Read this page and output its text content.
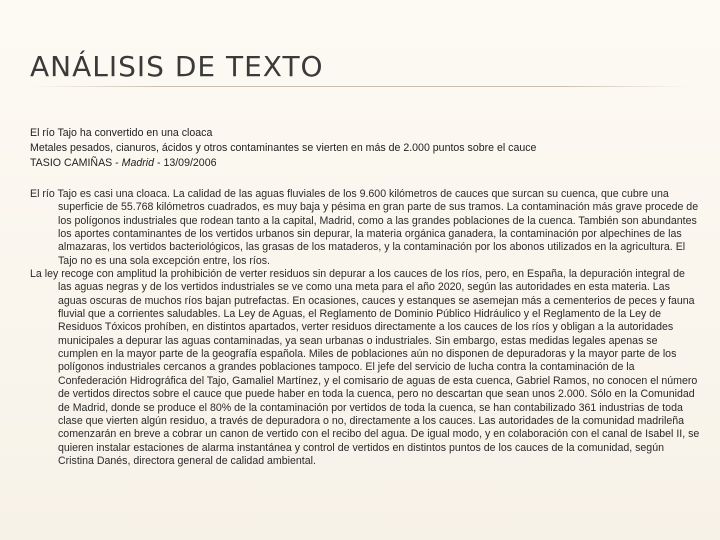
ANÁLISIS DE TEXTO
El río Tajo ha convertido en una cloaca
Metales pesados, cianuros, ácidos y otros contaminantes se vierten en más de 2.000 puntos sobre el cauce
TASIO CAMIÑAS - Madrid - 13/09/2006

El río Tajo es casi una cloaca. La calidad de las aguas fluviales de los 9.600 kilómetros de cauces que surcan su cuenca, que cubre una superficie de 55.768 kilómetros cuadrados, es muy baja y pésima en gran parte de sus tramos. La contaminación más grave procede de los polígonos industriales que rodean tanto a la capital, Madrid, como a las grandes poblaciones de la cuenca. También son abundantes los aportes contaminantes de los vertidos urbanos sin depurar, la materia orgánica ganadera, la contaminación por alpechines de las almazaras, los vertidos bacteriológicos, las grasas de los mataderos, y la contaminación por los abonos utilizados en la agricultura. El Tajo no es una sola excepción entre, los ríos.

La ley recoge con amplitud la prohibición de verter residuos sin depurar a los cauces de los ríos, pero, en España, la depuración integral de las aguas negras y de los vertidos industriales se ve como una meta para el año 2020, según las autoridades en esta materia. Las aguas oscuras de muchos ríos bajan putrefactas. En ocasiones, cauces y estanques se asemejan más a cementerios de peces y fauna fluvial que a corrientes saludables. La Ley de Aguas, el Reglamento de Dominio Público Hidráulico y el Reglamento de la Ley de Residuos Tóxicos prohíben, en distintos apartados, verter residuos directamente a los cauces de los ríos y obligan a la autoridades municipales a depurar las aguas contaminadas, ya sean urbanas o industriales. Sin embargo, estas medidas legales apenas se cumplen en la mayor parte de la geografía española. Miles de poblaciones aún no disponen de depuradoras y la mayor parte de los polígonos industriales cercanos a grandes poblaciones tampoco. El jefe del servicio de lucha contra la contaminación de la Confederación Hidrográfica del Tajo, Gamaliel Martínez, y el comisario de aguas de esta cuenca, Gabriel Ramos, no conocen el número de vertidos directos sobre el cauce que puede haber en toda la cuenca, pero no descartan que sean unos 2.000. Sólo en la Comunidad de Madrid, donde se produce el 80% de la contaminación por vertidos de toda la cuenca, se han contabilizado 361 industrias de toda clase que vierten algún residuo, a través de depuradora o no, directamente a los cauces. Las autoridades de la comunidad madrileña comenzarán en breve a cobrar un canon de vertido con el recibo del agua. De igual modo, y en colaboración con el canal de Isabel II, se quieren instalar estaciones de alarma instantánea y control de vertidos en distintos puntos de los cauces de la comunidad, según Cristina Danés, directora general de calidad ambiental.
